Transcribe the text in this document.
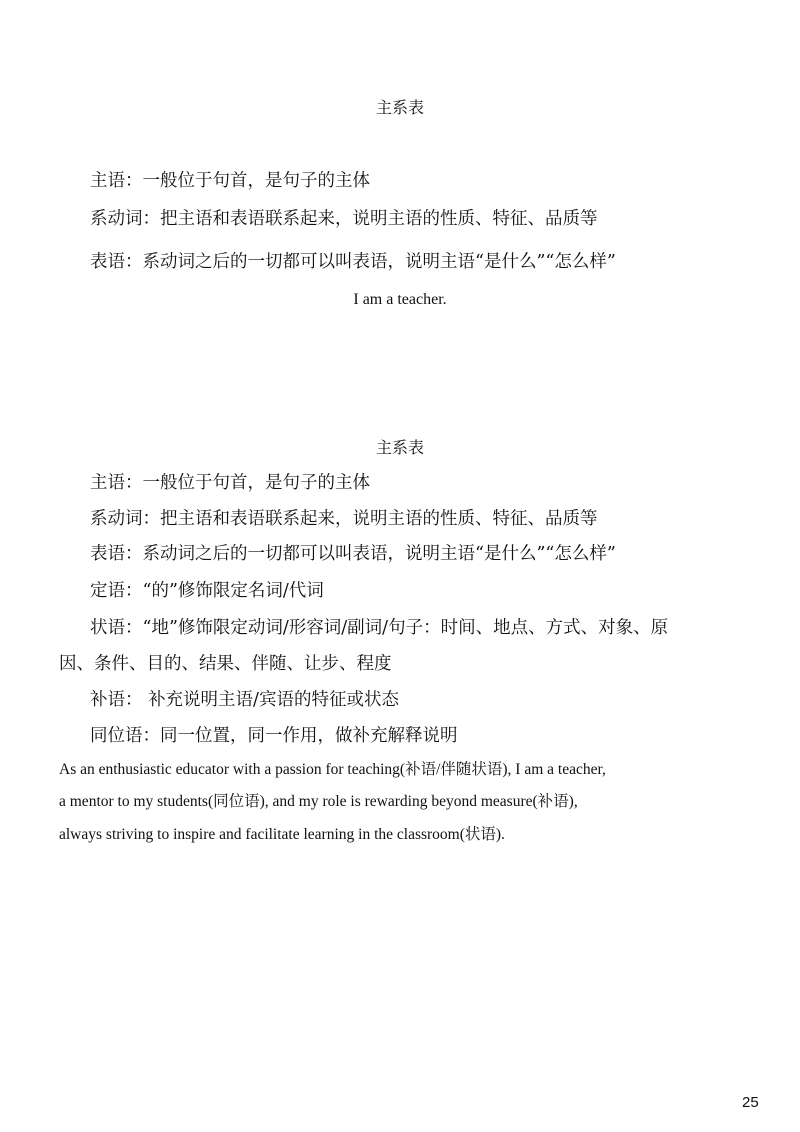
主系表
主语：一般位于句首，是句子的主体
系动词：把主语和表语联系起来，说明主语的性质、特征、品质等
表语：系动词之后的一切都可以叫表语，说明主语“是什么”“怎么样”
I am a teacher.
主系表
主语：一般位于句首，是句子的主体
系动词：把主语和表语联系起来，说明主语的性质、特征、品质等
表语：系动词之后的一切都可以叫表语，说明主语“是什么”“怎么样”
定语：“的”修饰限定名词/代词
状语：“地”修饰限定动词/形容词/副词/句子：时间、地点、方式、对象、原
因、条件、目的、结果、伴随、让步、程度
补语： 补充说明主语/宾语的特征或状态
同位语：同一位置，同一作用，做补充解释说明
As an enthusiastic educator with a passion for teaching(补语/伴随状语), I am a teacher,
a mentor to my students(同位语), and my role is rewarding beyond measure(补语),
always striving to inspire and facilitate learning in the classroom(状语).
25
